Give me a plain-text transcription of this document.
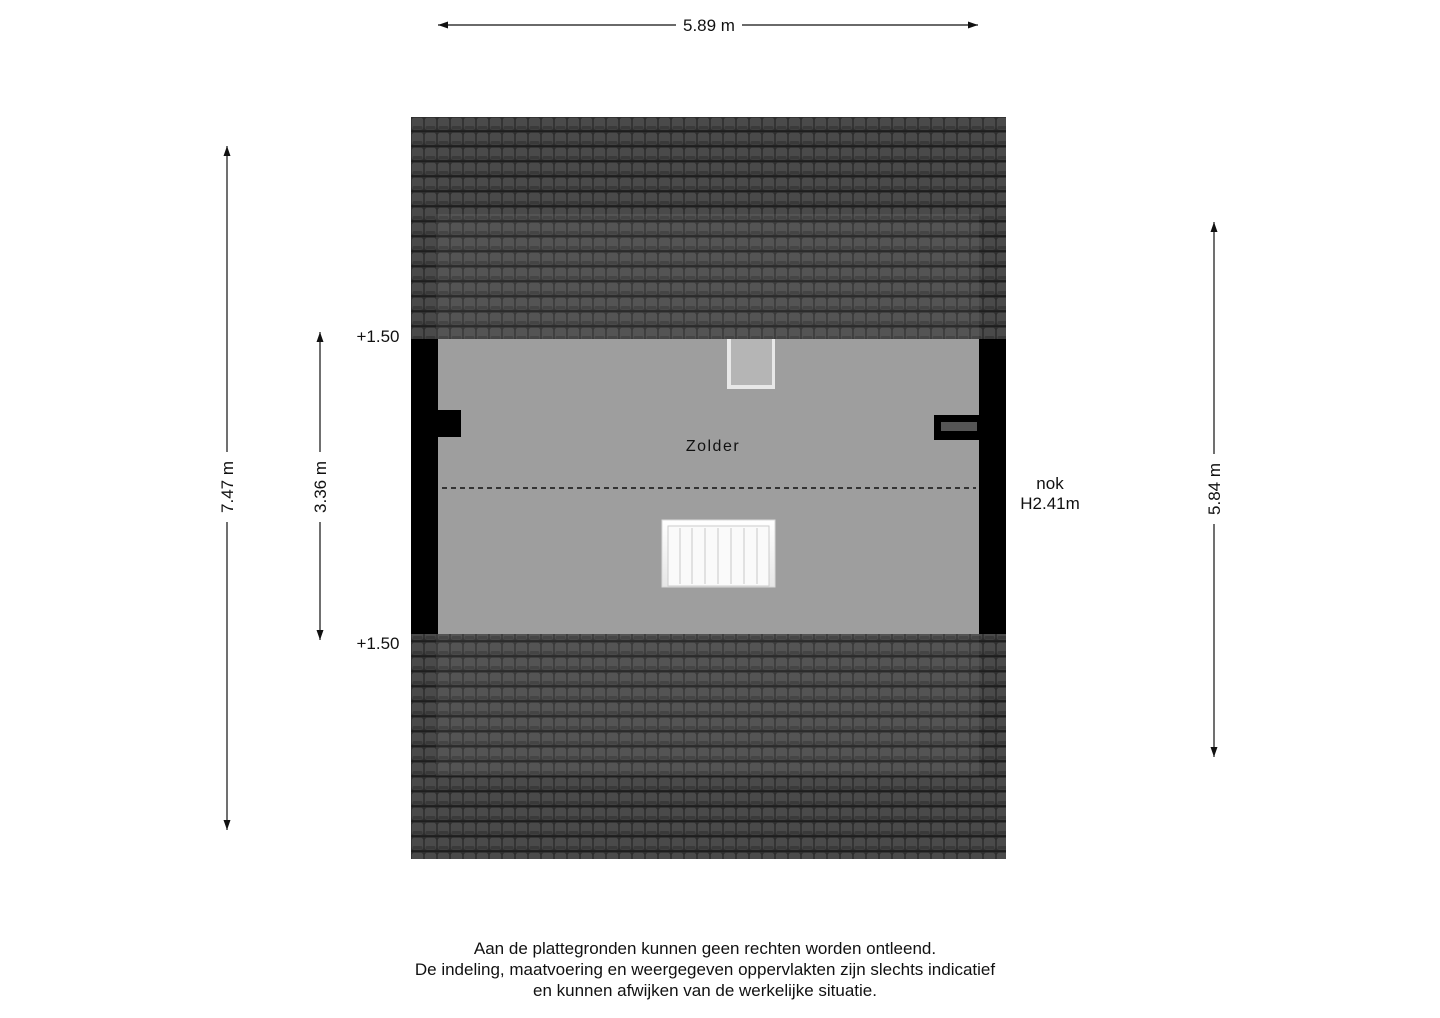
5.89 m
7.47 m	3.36 m	5.84 m
Zolder
+1.50
+1.50
nok
H2.41m
Aan de plattegronden kunnen geen rechten worden ontleend.
De indeling, maatvoering en weergegeven oppervlakten zijn slechts indicatief
en kunnen afwijken van de werkelijke situatie.
